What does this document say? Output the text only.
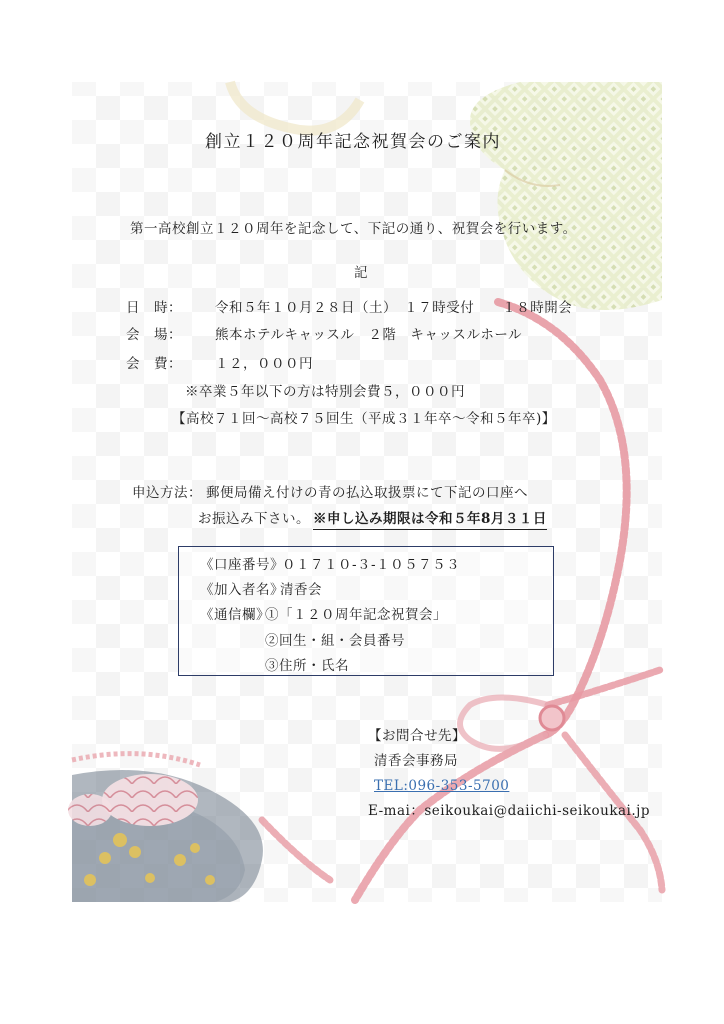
創立１２０周年記念祝賀会のご案内
第一高校創立１２０周年を記念して、下記の通り、祝賀会を行います。
記
日　時： 令和５年１０月２８日（土）　１７時受付　　１８時開会
会　場： 熊本ホテルキャッスル　２階　キャッスルホール
会　費： １２，０００円
※卒業５年以下の方は特別会費５，０００円
【高校７１回～高校７５回生（平成３１年卒～令和５年卒)】
申込方法： 郵便局備え付けの青の払込取扱票にて下記の口座へ
お振込み下さい。 ※申し込み期限は令和５年8月３１日
《口座番号》
０１７１０-３-１０５７５３
《加入者名》
清香会
《通信欄》
①「１２０周年記念祝賀会」
②回生・組・会員番号
③住所・氏名
【お問合せ先】
清香会事務局
TEL:096-353-5700
E-mai：seikoukai@daiichi-seikoukai.jp
